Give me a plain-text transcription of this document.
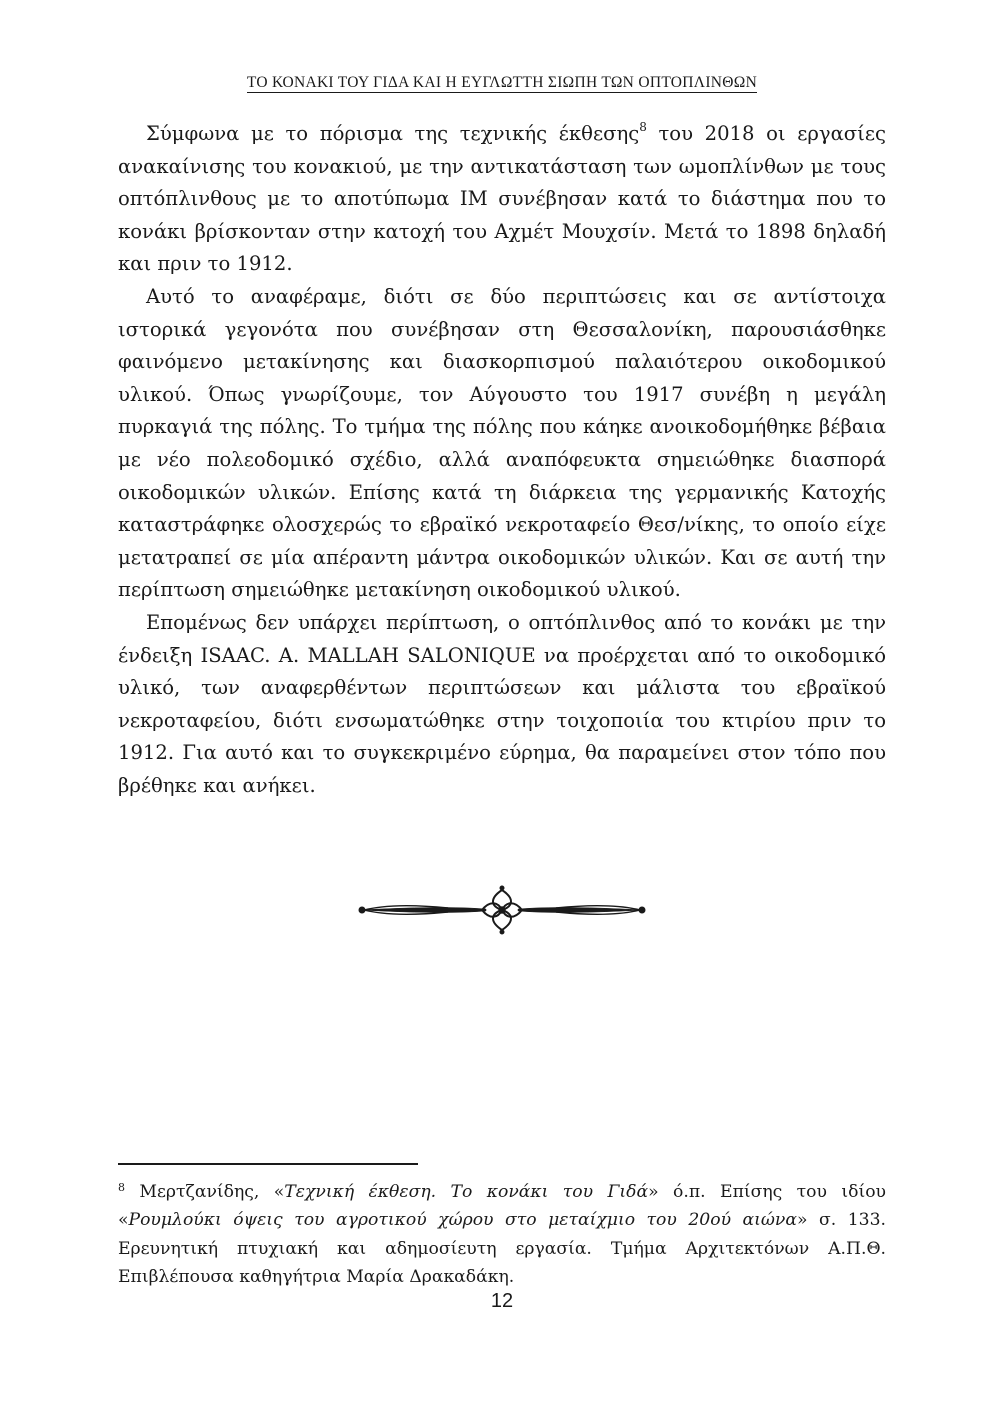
ΤΟ ΚΟΝΑΚΙ ΤΟΥ ΓΙΔΑ ΚΑΙ Η ΕΥΓΛΩΤΤΗ ΣΙΩΠΗ ΤΩΝ ΟΠΤΟΠΛΙΝΘΩΝ

Σύμφωνα με το πόρισμα της τεχνικής έκθεσης$^8$ του 2018 οι εργασίες ανακαίνισης του κονακιού, με την αντικατάσταση των ωμοπλίνθων με τους οπτόπλινθους με το αποτύπωμα ΙΜ συνέβησαν κατά το διάστημα που το κονάκι βρίσκονταν στην κατοχή του Αχμέτ Μουχσίν. Μετά το 1898 δηλαδή και πριν το 1912.

Αυτό το αναφέραμε, διότι σε δύο περιπτώσεις και σε αντίστοιχα ιστορικά γεγονότα που συνέβησαν στη Θεσσαλονίκη, παρουσιάσθηκε φαινόμενο μετακίνησης και διασκορπισμού παλαιότερου οικοδομικού υλικού. Όπως γνωρίζουμε, τον Αύγουστο του 1917 συνέβη η μεγάλη πυρκαγιά της πόλης. Το τμήμα της πόλης που κάηκε ανοικοδομήθηκε βέβαια με νέο πολεοδομικό σχέδιο, αλλά αναπόφευκτα σημειώθηκε διασπορά οικοδομικών υλικών. Επίσης κατά τη διάρκεια της γερμανικής Κατοχής καταστράφηκε ολοσχερώς το εβραϊκό νεκροταφείο Θεσ/νίκης, το οποίο είχε μετατραπεί σε μία απέραντη μάντρα οικοδομικών υλικών. Και σε αυτή την περίπτωση σημειώθηκε μετακίνηση οικοδομικού υλικού.

Επομένως δεν υπάρχει περίπτωση, ο οπτόπλινθος από το κονάκι με την ένδειξη ISAAC. A. MALLAH SALONIQUE να προέρχεται από το οικοδομικό υλικό, των αναφερθέντων περιπτώσεων και μάλιστα του εβραϊκού νεκροταφείου, διότι ενσωματώθηκε στην τοιχοποιία του κτιρίου πριν το 1912. Για αυτό και το συγκεκριμένο εύρημα, θα παραμείνει στον τόπο που βρέθηκε και ανήκει.

$^8$ Μερτζανίδης, «Τεχνική έκθεση. Το κονάκι του Γιδά» ό.π. Επίσης του ιδίου «Ρουμλούκι όψεις του αγροτικού χώρου στο μεταίχμιο του 20ού αιώνα» σ. 133. Ερευνητική πτυχιακή και αδημοσίευτη εργασία. Τμήμα Αρχιτεκτόνων Α.Π.Θ. Επιβλέπουσα καθηγήτρια Μαρία Δρακαδάκη.
12
